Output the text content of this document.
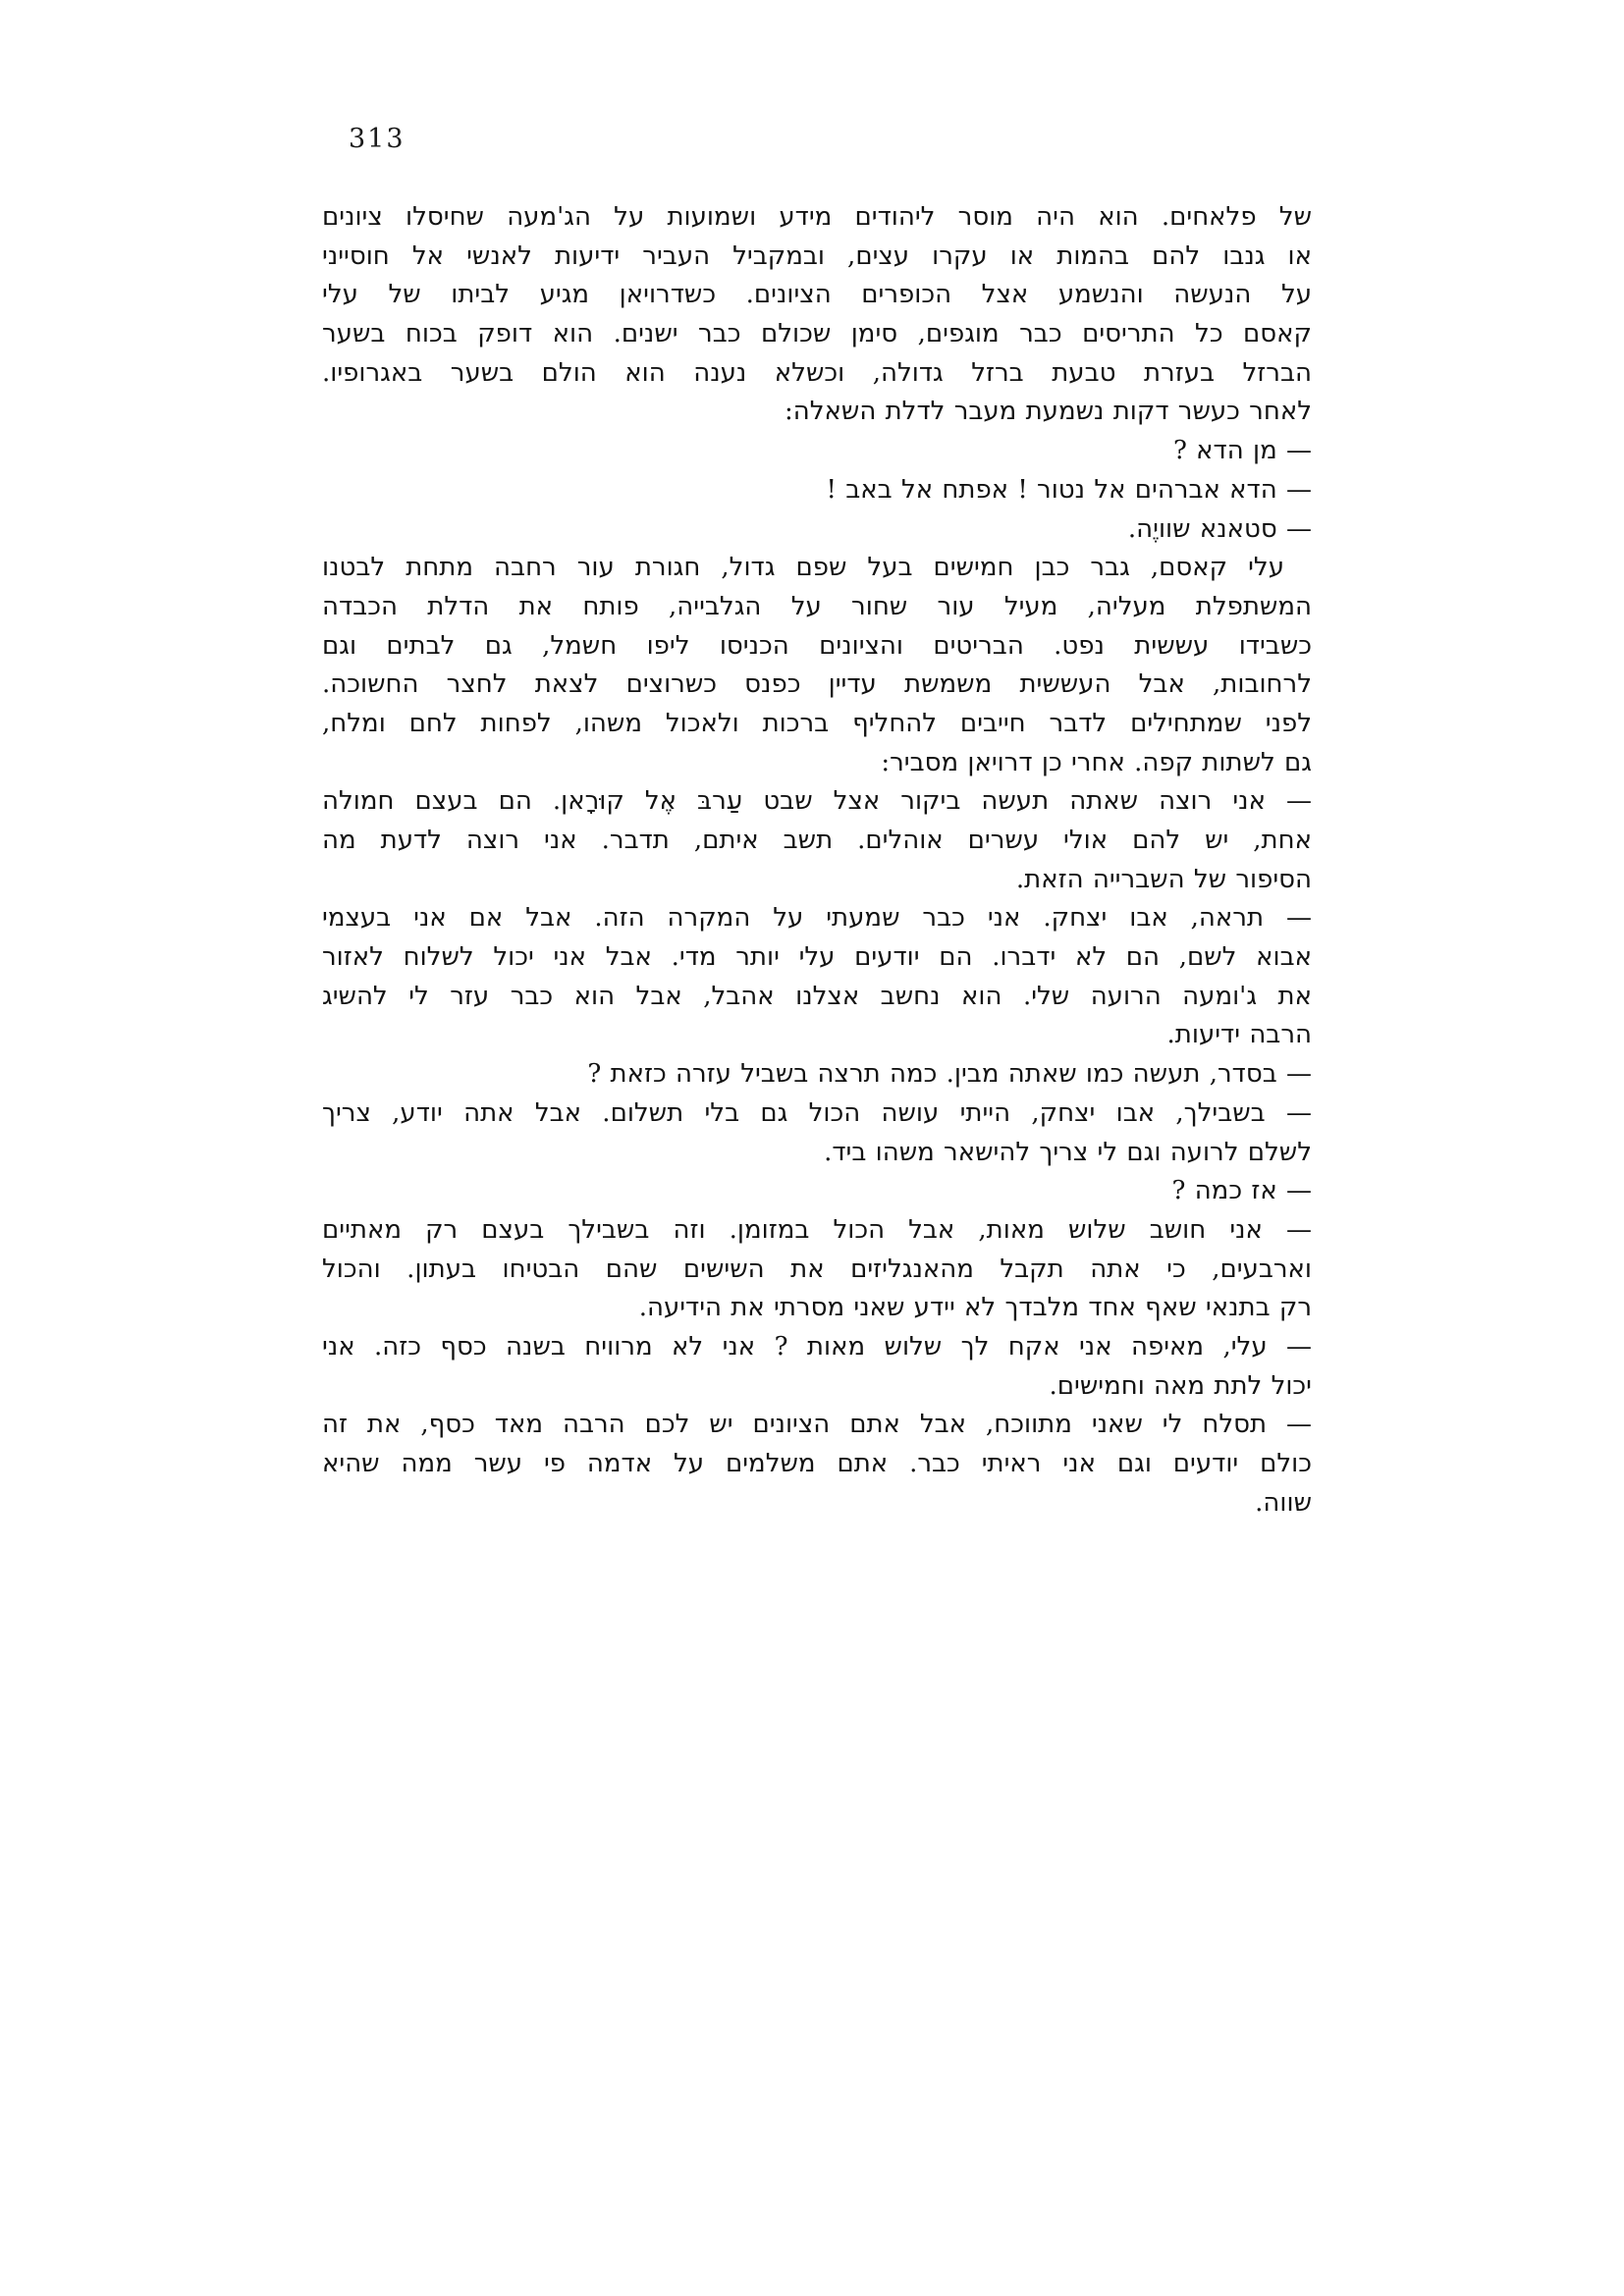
313
של פלאחים. הוא היה מוסר ליהודים מידע ושמועות על הג'מעה שחיסלו ציונים
או גנבו להם בהמות או עקרו עצים, ובמקביל העביר ידיעות לאנשי אל חוסייני
על הנעשה והנשמע אצל הכופרים הציונים. כשדרויאן מגיע לביתו של עלי
קאסם כל התריסים כבר מוגפים, סימן שכולם כבר ישנים. הוא דופק בכוח בשער
הברזל בעזרת טבעת ברזל גדולה, וכשלא נענה הוא הולם בשער באגרופיו.
לאחר כעשר דקות נשמעת מעבר לדלת השאלה:
— מן הדא ?
— הדא אברהים אל נטור ! אפתח אל באב !
— סטאנא שוויֶה.
עלי קאסם, גבר כבן חמישים בעל שפם גדול, חגורת עור רחבה מתחת לבטנו
המשתפלת מעליה, מעיל עור שחור על הגלבייה, פותח את הדלת הכבדה
כשבידו עששית נפט. הבריטים והציונים הכניסו ליפו חשמל, גם לבתים וגם
לרחובות, אבל העששית משמשת עדיין כפנס כשרוצים לצאת לחצר החשוכה.
לפני שמתחילים לדבר חייבים להחליף ברכות ולאכול משהו, לפחות לחם ומלח,
גם לשתות קפה. אחרי כן דרויאן מסביר:
— אני רוצה שאתה תעשה ביקור אצל שבט עַרבּ אֶל קוּרָאן. הם בעצם חמולה
אחת, יש להם אולי עשרים אוהלים. תשב איתם, תדבר. אני רוצה לדעת מה
הסיפור של השברייה הזאת.
— תראה, אבו יצחק. אני כבר שמעתי על המקרה הזה. אבל אם אני בעצמי
אבוא לשם, הם לא ידברו. הם יודעים עלי יותר מדי. אבל אני יכול לשלוח לאזור
את ג'ומעה הרועה שלי. הוא נחשב אצלנו אהבל, אבל הוא כבר עזר לי להשיג
הרבה ידיעות.
— בסדר, תעשה כמו שאתה מבין. כמה תרצה בשביל עזרה כזאת ?
— בשבילך, אבו יצחק, הייתי עושה הכול גם בלי תשלום. אבל אתה יודע, צריך
לשלם לרועה וגם לי צריך להישאר משהו ביד.
— אז כמה ?
— אני חושב שלוש מאות, אבל הכול במזומן. וזה בשבילך בעצם רק מאתיים
וארבעים, כי אתה תקבל מהאנגליזים את השישים שהם הבטיחו בעתון. והכול
רק בתנאי שאף אחד מלבדך לא יידע שאני מסרתי את הידיעה.
— עלי, מאיפה אני אקח לך שלוש מאות ? אני לא מרוויח בשנה כסף כזה. אני
יכול לתת מאה וחמישים.
— תסלח לי שאני מתווכח, אבל אתם הציונים יש לכם הרבה מאד כסף, את זה
כולם יודעים וגם אני ראיתי כבר. אתם משלמים על אדמה פי עשר ממה שהיא
שווה.
